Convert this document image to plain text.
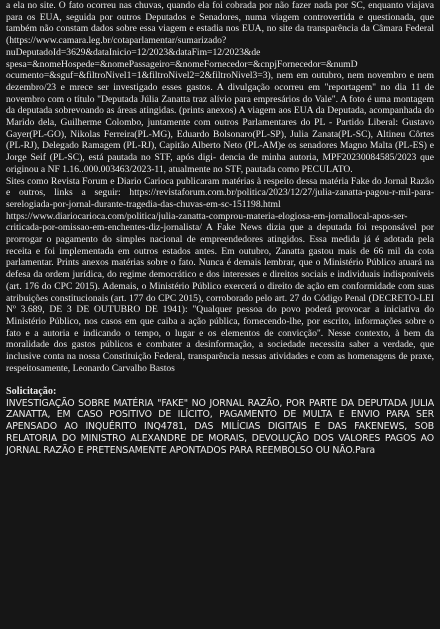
a ela no site. O fato ocorreu nas chuvas, quando ela foi cobrada por não fazer nada por SC, enquanto viajava para os EUA, seguida por outros Deputados e Senadores, numa viagem controvertida e questionada, que também não constam dados sobre essa viagem e estadia nos EUA, no site da transparência da Câmara Federal (https://www.camara.leg.br/cotaparlamentar/sumarizado?nuDeputadoId=3629&dataInicio=12/2023&dataFim=12/2023&de spesa=&nomeHospede=&nomePassageiro=&nomeFornecedor=&cnpjFornecedor=&numD ocumento=&sguf=&filtroNivel1=1&filtroNivel2=2&filtroNivel3=3), nem em outubro, nem novembro e nem dezembro/23 e mrece ser investigado esses gastos. A divulgação ocorreu em "reportagem" no dia 11 de novembro com o título "Deputada Júlia Zanatta traz alívio para empresários do Vale". A foto é uma montagem da deputada sobrevoando as áreas atingidas. (prints anexos) A viagem aos EUA da Deputada, acompanhada do Marido dela, Guilherme Colombo, juntamente com outros Parlamentares do PL - Partido Liberal: Gustavo Gayer(PL-GO), Nikolas Ferreira(PL-MG), Eduardo Bolsonaro(PL-SP), Julia Zanata(PL-SC), Altineu Côrtes (PL-RJ), Delegado Ramagem (PL-RJ), Capitão Alberto Neto (PL-AM)e os senadores Magno Malta (PL-ES) e Jorge Seif (PL-SC), está pautada no STF, após digi- dencia de minha autoria, MPF20230084585/2023 que originou a NF 1.16..000.003463/2023-11, atualmente no STF, pautada como PECULATO.

Sites como Revista Forum e Diario Carioca publicaram matérias à respeito dessa matéria Fake do Jornal Razão e outros, links a seguir: https://revistaforum.com.br/politica/2023/12/27/julia-zanatta-pagou-r-mil-para-serelogiada-por-jornal-durante-tragedia-das-chuvas-em-sc-151198.html

https://www.diariocarioca.com/politica/julia-zanatta-comprou-materia-elogiosa-em-jornallocal-apos-ser-criticada-por-omissao-em-enchentes-diz-jornalista/ A Fake News dizia que a deputada foi responsável por prorrogar o pagamento do simples nacional de empreendedores atingidos. Essa medida já é adotada pela receita e foi implementada em outros estados antes. Em outubro, Zanatta gastou mais de 66 mil da cota parlamentar. Prints anexos matérias sobre o fato. Nunca é demais lembrar, que o Ministério Público atuará na defesa da ordem jurídica, do regime democrático e dos interesses e direitos sociais e individuais indisponíveis (art. 176 do CPC 2015). Ademais, o Ministério Público exercerá o direito de ação em conformidade com suas atribuições constitucionais (art. 177 do CPC 2015), corroborado pelo art. 27 do Código Penal (DECRETO-LEI Nº 3.689, DE 3 DE OUTUBRO DE 1941): "Qualquer pessoa do povo poderá provocar a iniciativa do Ministério Público, nos casos em que caiba a ação pública, fornecendo-lhe, por escrito, informações sobre o fato e a autoria e indicando o tempo, o lugar e os elementos de convicção". Nesse contexto, à bem da moralidade dos gastos públicos e combater a desinformação, a sociedade necessita saber a verdade, que inclusive conta na nossa Constituição Federal, transparência nessas atividades e com as homenagens de praxe, respeitosamente, Leonardo Carvalho Bastos

Solicitação:

INVESTIGAÇÃO SOBRE MATÉRIA "FAKE" NO JORNAL RAZÃO, POR PARTE DA DEPUTADA JULIA ZANATTA, EM CASO POSITIVO DE ILÍCITO, PAGAMENTO DE MULTA E ENVIO PARA SER APENSADO AO INQUÉRITO INQ4781, DAS MILÍCIAS DIGITAIS E DAS FAKENEWS, SOB RELATORIA DO MINISTRO ALEXANDRE DE MORAIS, DEVOLUÇÃO DOS VALORES PAGOS AO JORNAL RAZÃO E PRETENSAMENTE APONTADOS PARA REEMBOLSO OU NÃO.Para
